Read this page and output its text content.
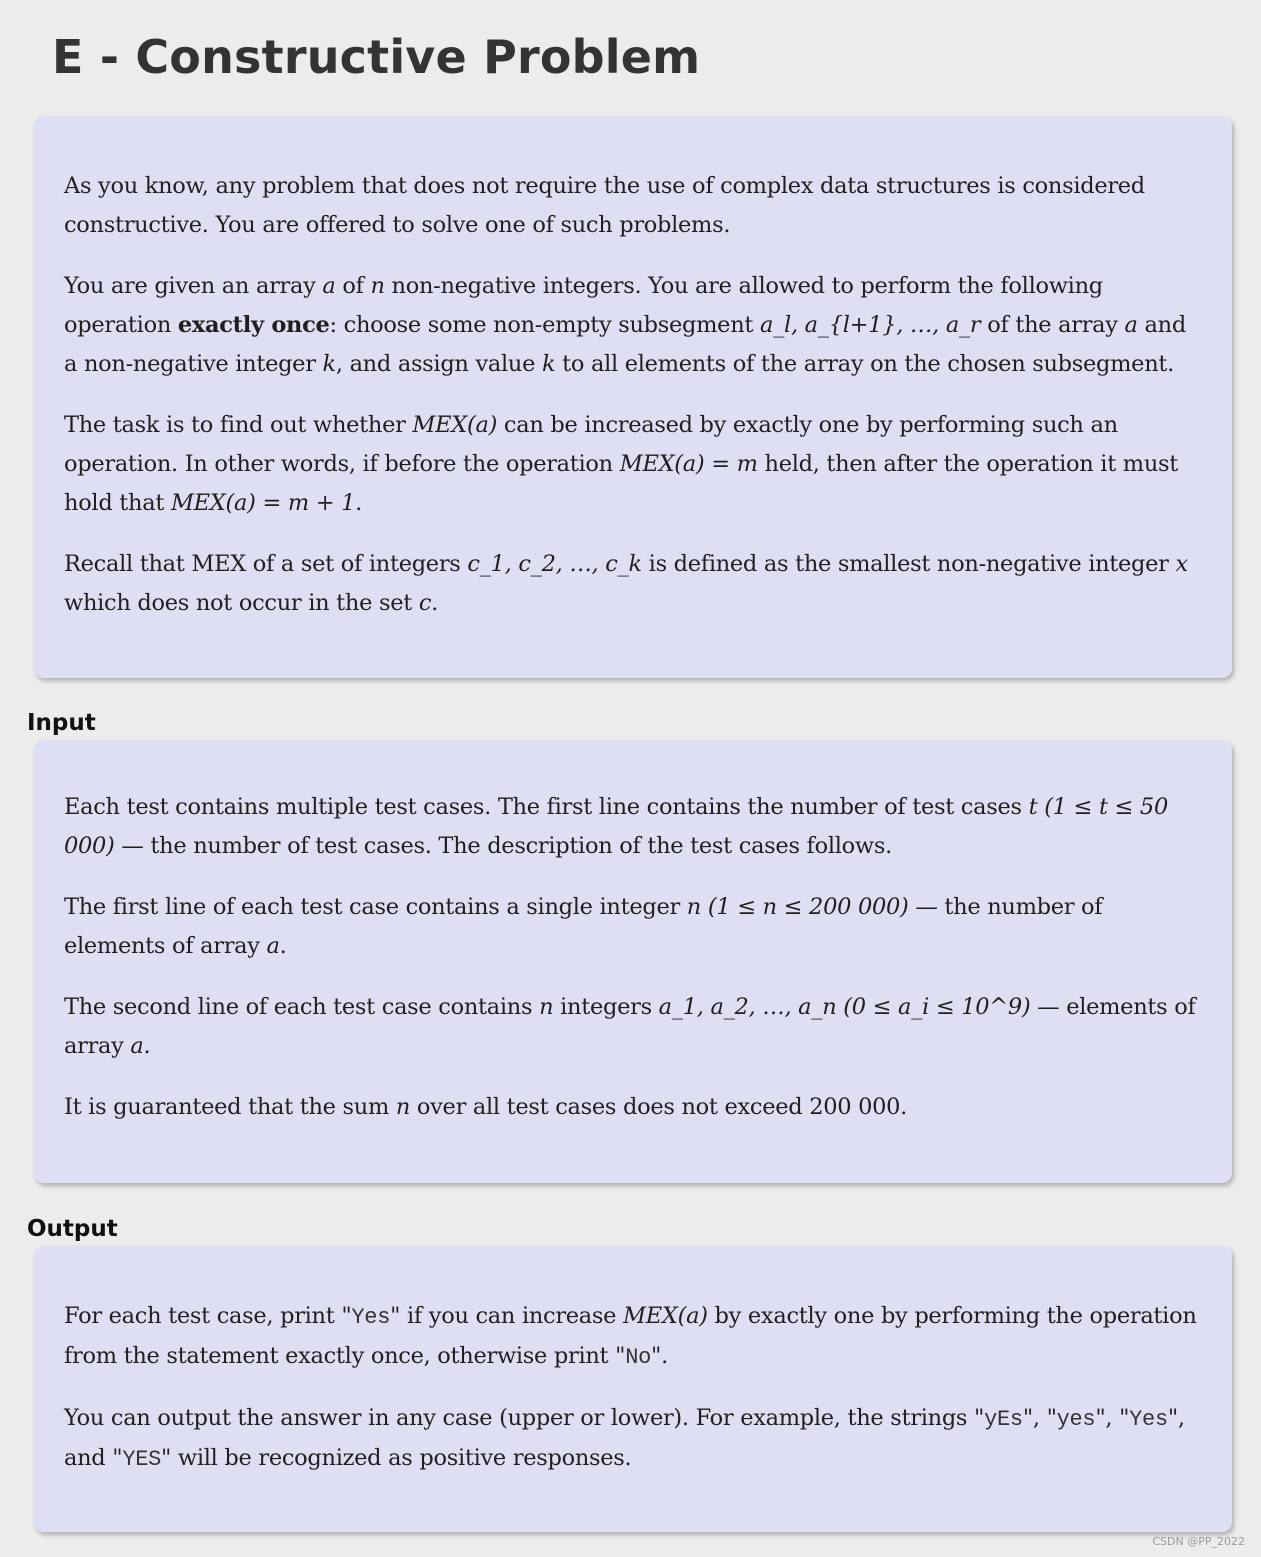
E - Constructive Problem

As you know, any problem that does not require the use of complex data structures is considered constructive. You are offered to solve one of such problems.

You are given an array a of n non-negative integers. You are allowed to perform the following operation exactly once: choose some non-empty subsegment a_l, a_{l+1}, …, a_r of the array a and a non-negative integer k, and assign value k to all elements of the array on the chosen subsegment.

The task is to find out whether MEX(a) can be increased by exactly one by performing such an operation. In other words, if before the operation MEX(a) = m held, then after the operation it must hold that MEX(a) = m + 1.

Recall that MEX of a set of integers c_1, c_2, …, c_k is defined as the smallest non-negative integer x which does not occur in the set c.

Input

Each test contains multiple test cases. The first line contains the number of test cases t (1 ≤ t ≤ 50 000) — the number of test cases. The description of the test cases follows.

The first line of each test case contains a single integer n (1 ≤ n ≤ 200 000) — the number of elements of array a.

The second line of each test case contains n integers a_1, a_2, …, a_n (0 ≤ a_i ≤ 10^9) — elements of array a.

It is guaranteed that the sum n over all test cases does not exceed 200 000.

Output

For each test case, print "Yes" if you can increase MEX(a) by exactly one by performing the operation from the statement exactly once, otherwise print "No".

You can output the answer in any case (upper or lower). For example, the strings "yEs", "yes", "Yes", and "YES" will be recognized as positive responses.

CSDN @PP_2022
